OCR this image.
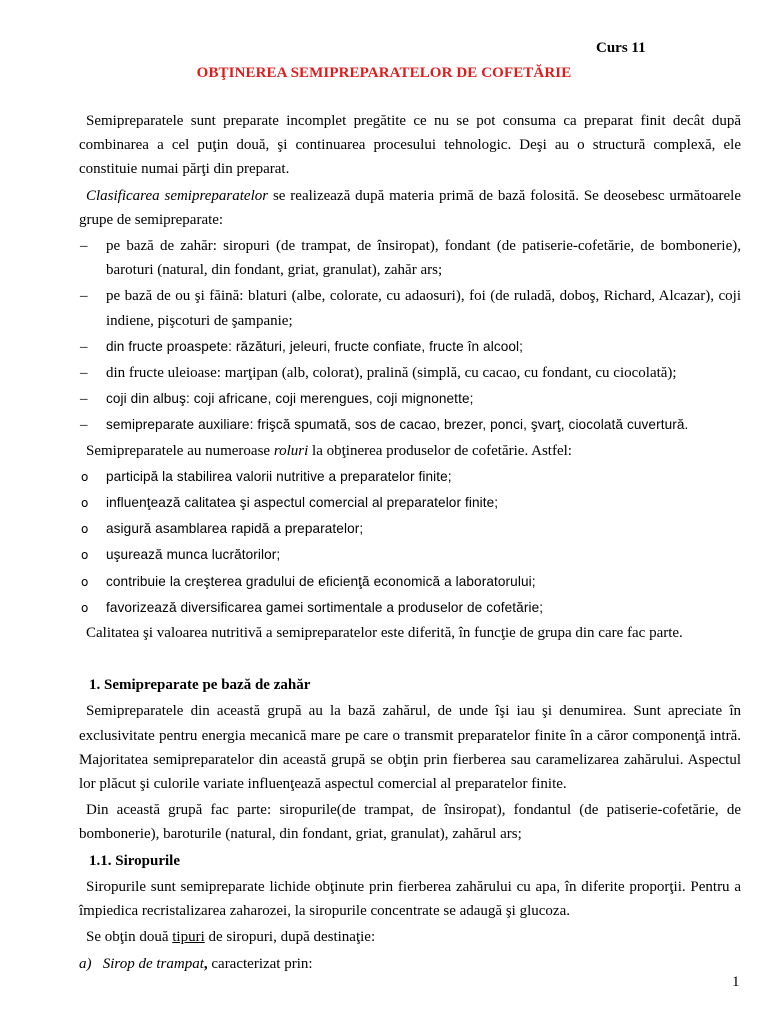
Curs 11
OBŢINEREA SEMIPREPARATELOR DE COFETĂRIE

Semipreparatele sunt preparate incomplet pregătite ce nu se pot consuma ca preparat finit decât după combinarea a cel puţin două, şi continuarea procesului tehnologic. Deşi au o structură complexă, ele constituie numai părţi din preparat.

Clasificarea semipreparatelor se realizează după materia primă de bază folosită. Se deosebesc următoarele grupe de semipreparate:

– pe bază de zahăr: siropuri (de trampat, de însiropat), fondant (de patiserie-cofetărie, de bombonerie), baroturi (natural, din fondant, griat, granulat), zahăr ars;
– pe bază de ou şi făină: blaturi (albe, colorate, cu adaosuri), foi (de ruladă, doboş, Richard, Alcazar), coji indiene, pişcoturi de şampanie;
– din fructe proaspete: răzături, jeleuri, fructe confiate, fructe în alcool;
– din fructe uleioase: marţipan (alb, colorat), pralină (simplă, cu cacao, cu fondant, cu ciocolată);
– coji din albuş: coji africane, coji merengues, coji mignonette;
– semipreparate auxiliare: frişcă spumată, sos de cacao, brezer, ponci, şvarţ, ciocolată cuvertură.

Semipreparatele au numeroase roluri la obţinerea produselor de cofetărie. Astfel:

o participă la stabilirea valorii nutritive a preparatelor finite;
o influenţează calitatea şi aspectul comercial al preparatelor finite;
o asigură asamblarea rapidă a preparatelor;
o uşurează munca lucrătorilor;
o contribuie la creşterea gradului de eficienţă economică a laboratorului;
o favorizează diversificarea gamei sortimentale a produselor de cofetărie;

Calitatea şi valoarea nutritivă a semipreparatelor este diferită, în funcţie de grupa din care fac parte.

1. Semipreparate pe bază de zahăr

Semipreparatele din această grupă au la bază zahărul, de unde îşi iau şi denumirea. Sunt apreciate în exclusivitate pentru energia mecanică mare pe care o transmit preparatelor finite în a căror componenţă intră. Majoritatea semipreparatelor din această grupă se obţin prin fierberea sau caramelizarea zahărului. Aspectul lor plăcut şi culorile variate influenţează aspectul comercial al preparatelor finite.

Din această grupă fac parte: siropurile(de trampat, de însiropat), fondantul (de patiserie-cofetărie, de bombonerie), baroturile (natural, din fondant, griat, granulat), zahărul ars;

1.1. Siropurile

Siropurile sunt semipreparate lichide obţinute prin fierberea zahărului cu apa, în diferite proporţii. Pentru a împiedica recristalizarea zaharozei, la siropurile concentrate se adaugă şi glucoza.

Se obţin două tipuri de siropuri, după destinaţie:

a) Sirop de trampat, caracterizat prin:

1
